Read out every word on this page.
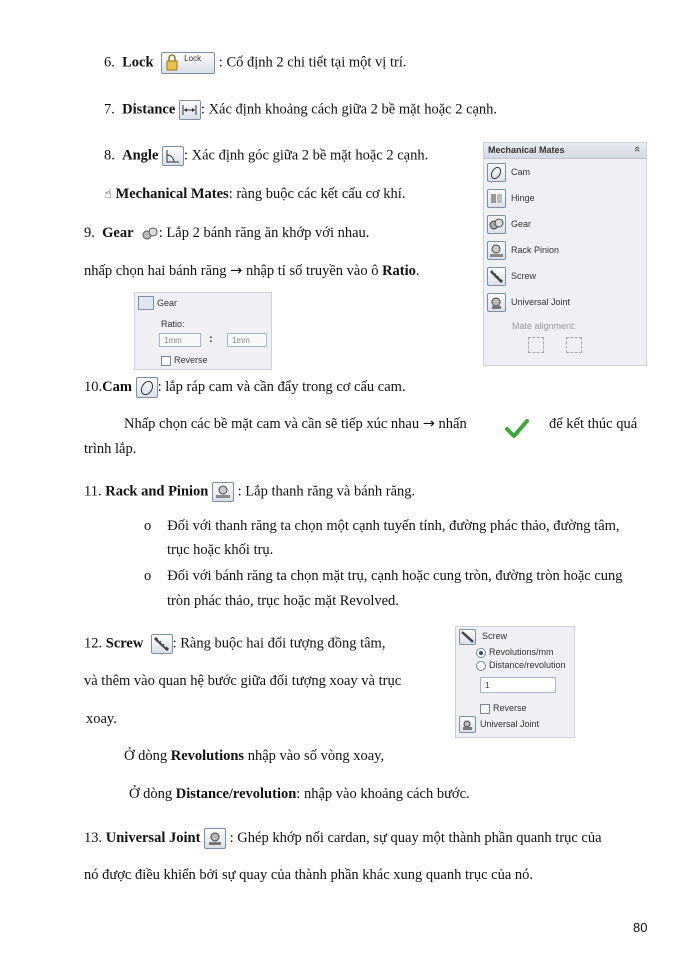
6. Lock	Lock : Cố định 2 chi tiết tại một vị trí.
7. Distance : Xác định khoảng cách giữa 2 bề mặt hoặc 2 cạnh.
8. Angle : Xác định góc giữa 2 bề mặt hoặc 2 cạnh.
☝ Mechanical Mates: ràng buộc các kết cấu cơ khí.
9. Gear : Lắp 2 bánh răng ăn khớp với nhau.
nhấp chọn hai bánh răng → nhập tỉ số truyền vào ô Ratio.
Gear
Ratio:
1mm	:	1mm
Reverse
Mechanical Mates	«
Cam
Hinge
Gear
Rack Pinion
Screw
Universal Joint
Mate alignment:
10.Cam : lắp ráp cam và cần đẩy trong cơ cấu cam.
Nhấp chọn các bề mặt cam và cần sẽ tiếp xúc nhau → nhấn	để kết thúc quá
trình lắp.
11. Rack and Pinion
: Lắp thanh răng và bánh răng.
o Đối với thanh răng ta chọn một cạnh tuyến tính, đường phác thảo, đường tâm,
trục hoặc khối trụ.
o Đối với bánh răng ta chọn mặt trụ, cạnh hoặc cung tròn, đường tròn hoặc cung
tròn phác thảo, trục hoặc mặt Revolved.
12. Screw : Ràng buộc hai đối tượng đồng tâm,
và thêm vào quan hệ bước giữa đối tượng xoay và trục
xoay.
Ở dòng Revolutions nhập vào số vòng xoay,
Ở dòng Distance/revolution: nhập vào khoảng cách bước.
Screw
Revolutions/mm
Distance/revolution
1
Reverse
Universal Joint
13. Universal Joint
: Ghép khớp nối cardan, sự quay một thành phần quanh trục của
nó được điều khiển bởi sự quay của thành phần khác xung quanh trục của nó.
80
